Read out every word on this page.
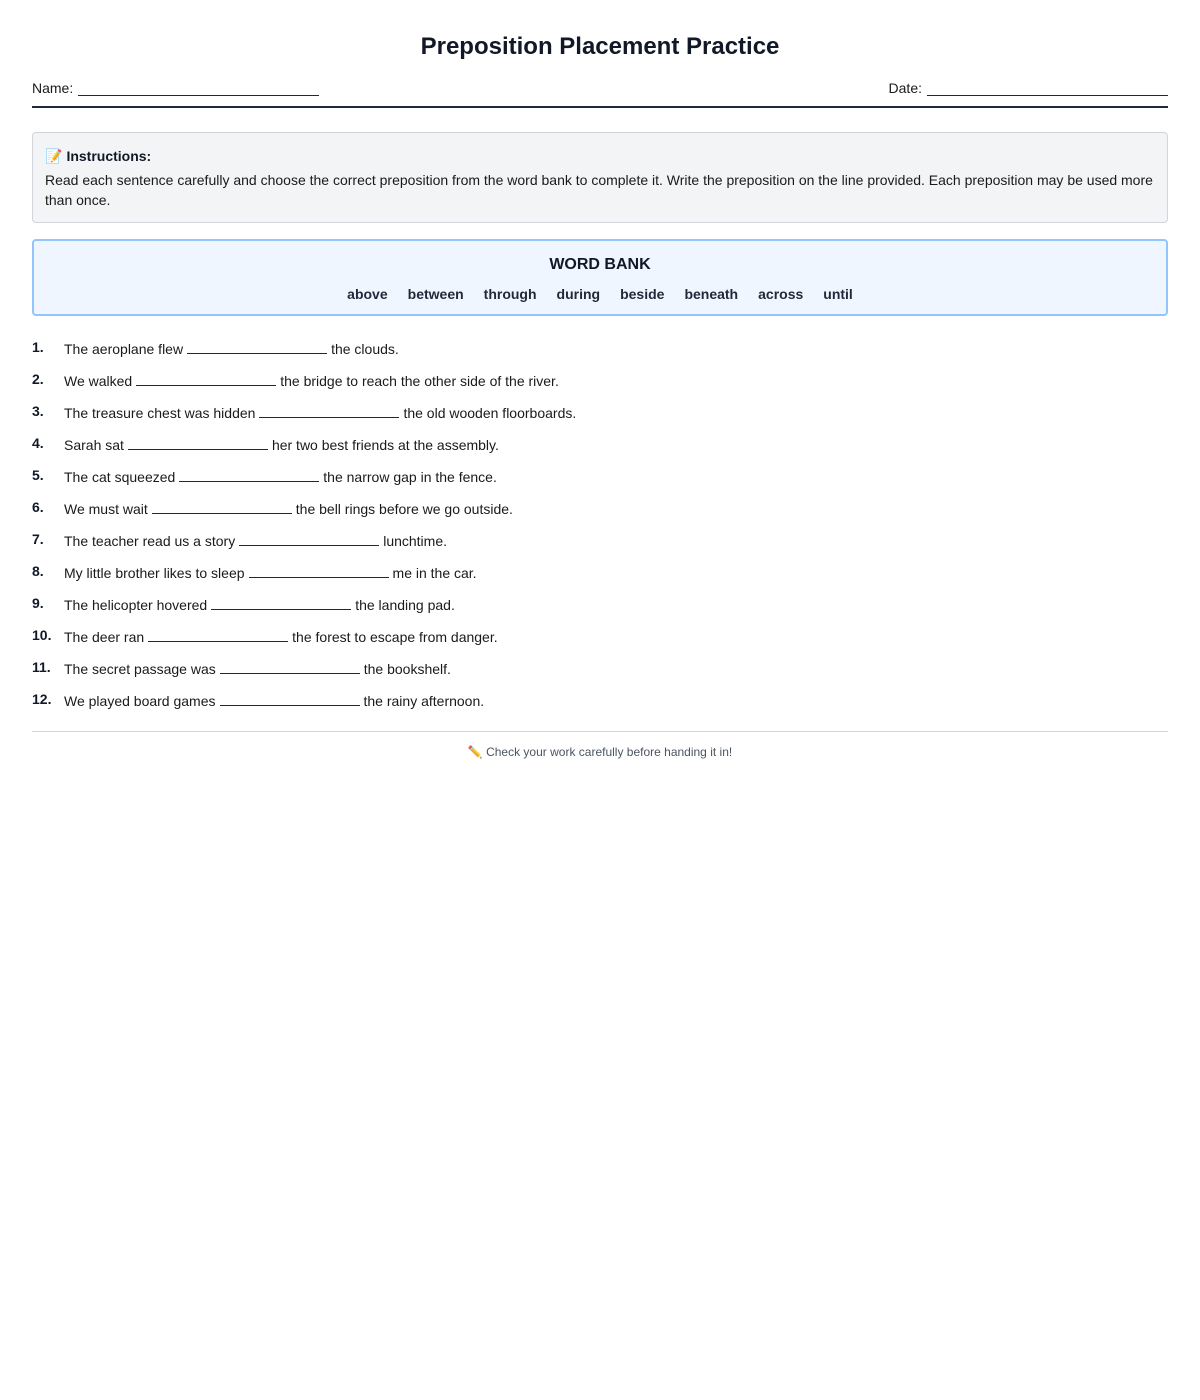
Preposition Placement Practice
Name:	Date:
📝 Instructions:
Read each sentence carefully and choose the correct preposition from the word bank to complete it. Write the preposition on the line provided. Each preposition may be used more than once.
WORD BANK
above between through during beside beneath across until
1.	The aeroplane flew	the clouds.
2.	We walked	the bridge to reach the other side of the river.
3.	The treasure chest was hidden	the old wooden floorboards.
4.	Sarah sat	her two best friends at the assembly.
5.	The cat squeezed	the narrow gap in the fence.
6.	We must wait	the bell rings before we go outside.
7.	The teacher read us a story	lunchtime.
8.	My little brother likes to sleep	me in the car.
9.	The helicopter hovered	the landing pad.
10. The deer ran	the forest to escape from danger.
11. The secret passage was	the bookshelf.
12. We played board games	the rainy afternoon.
✏️ Check your work carefully before handing it in!
